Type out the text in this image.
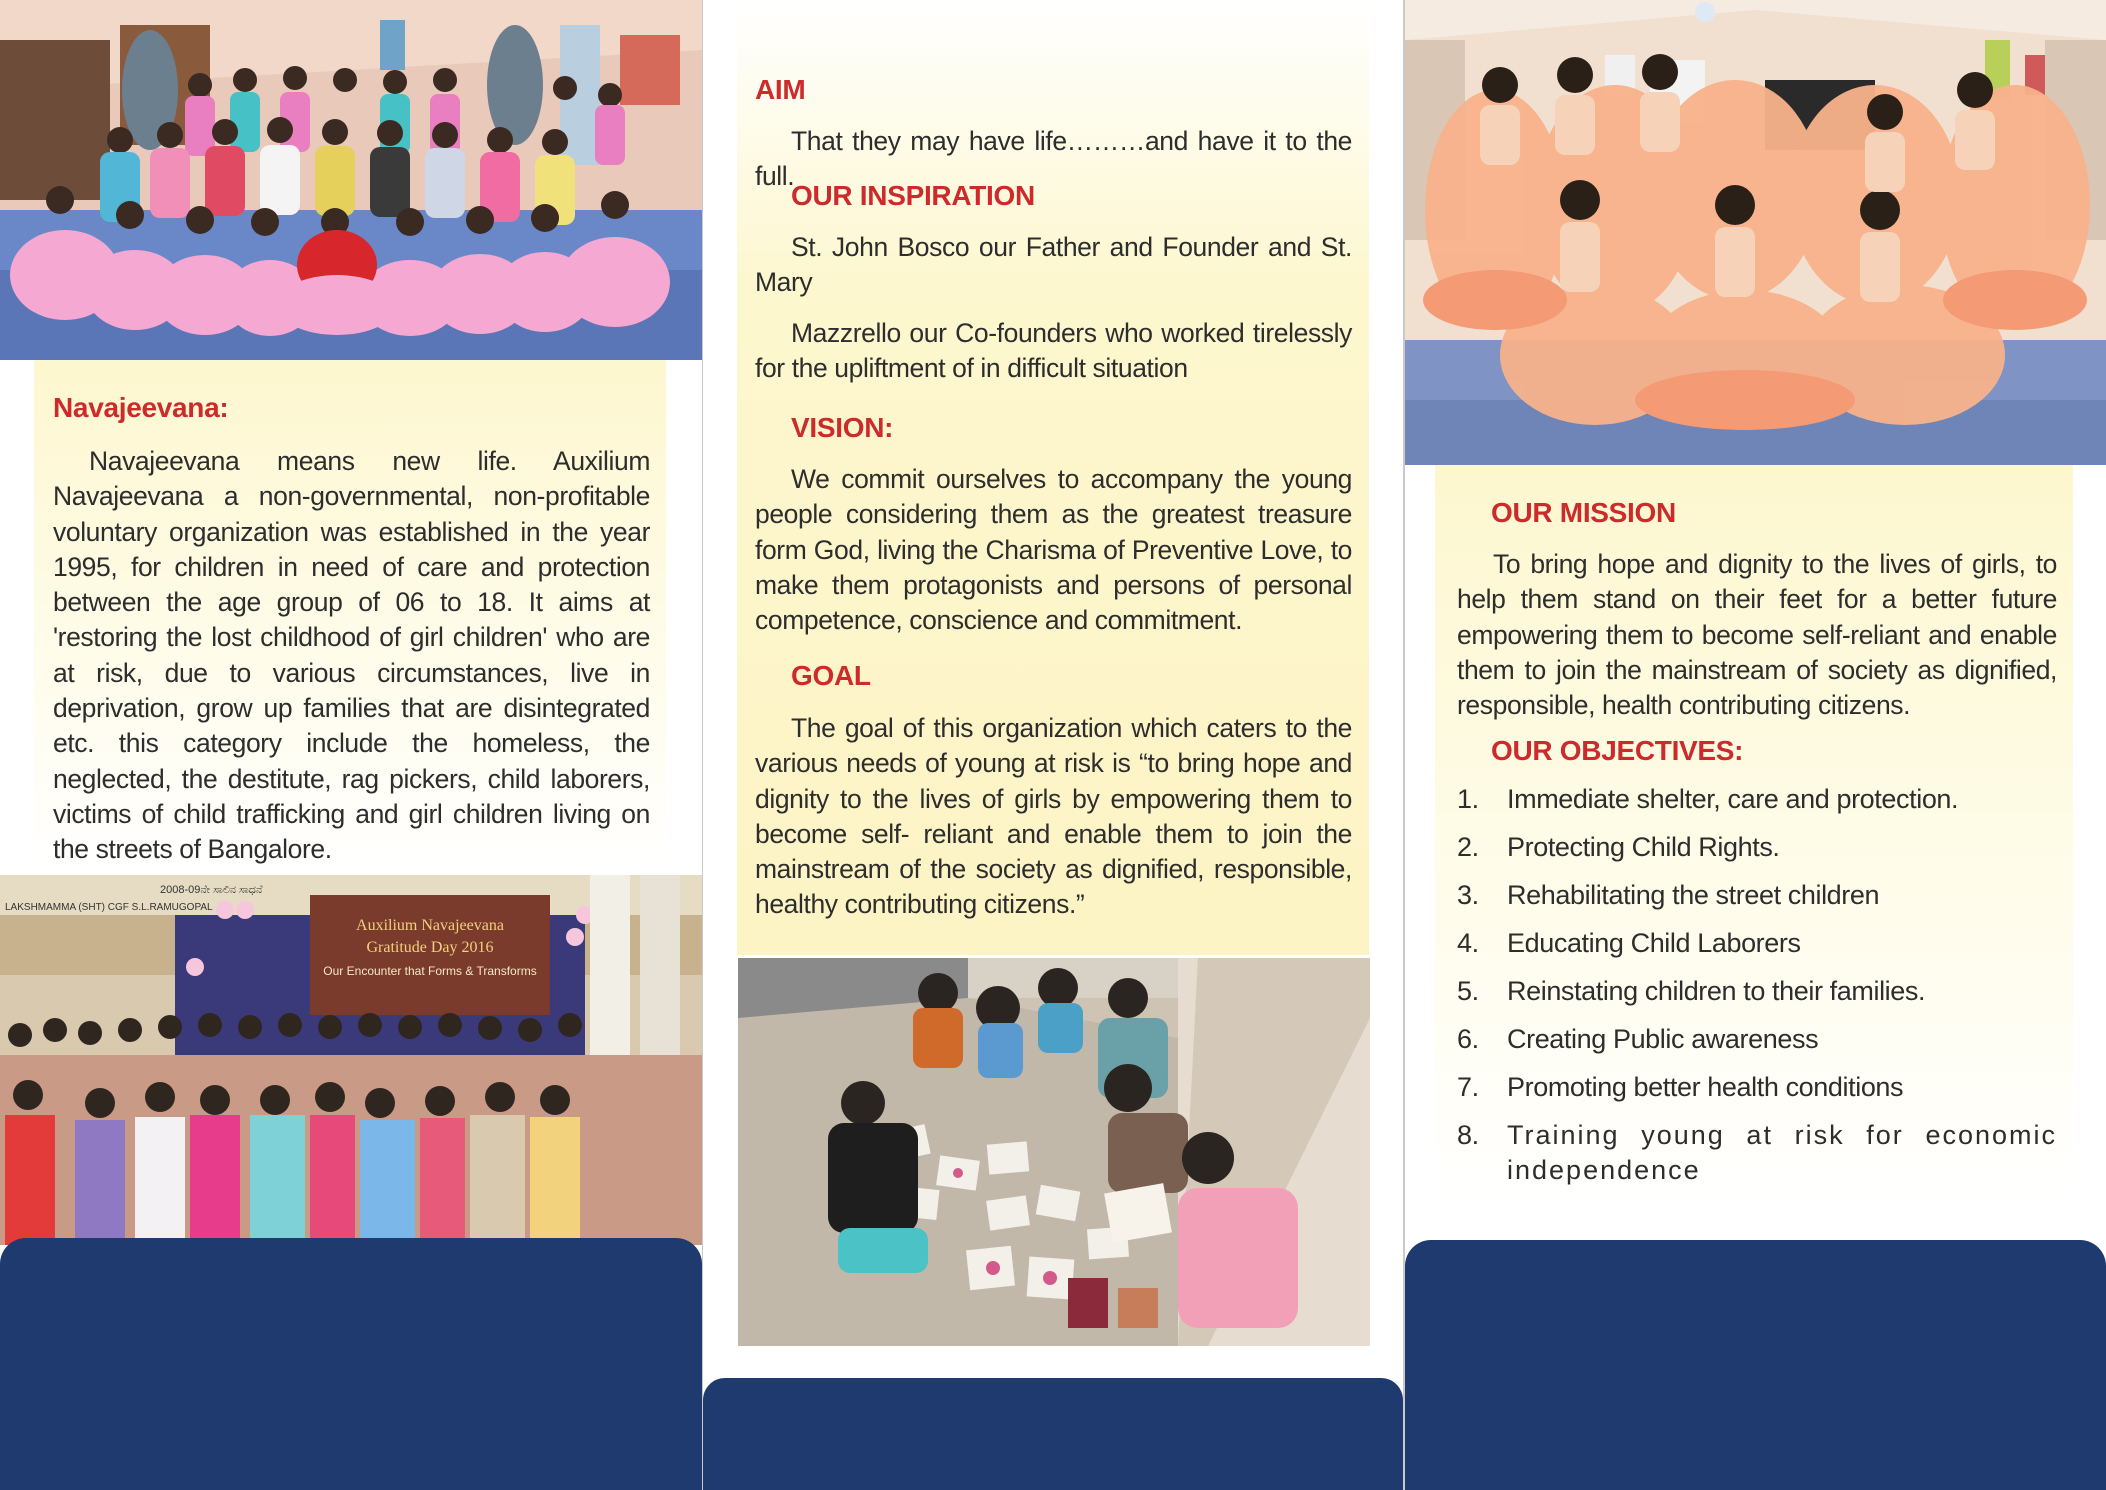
Navajeevana:

Navajeevana means new life. Auxilium Navajeevana a non-governmental, non-profitable voluntary organization was established in the year 1995, for children in need of care and protection between the age group of 06 to 18. It aims at 'restoring the lost childhood of girl children' who are at risk, due to various circumstances, live in deprivation, grow up families that are disintegrated etc. this category include the homeless, the neglected, the destitute, rag pickers, child laborers, victims of child trafficking and girl children living on the streets of Bangalore.

2008-09ನೇ ಸಾಲಿನ ಸಾಧನೆ
LAKSHMAMMA (SHT) CGF S.L.RAMUGOPAL
Auxilium Navajeevana
Gratitude Day 2016
Our Encounter that Forms & Transforms
AIM

That they may have life………and have it to the full.

OUR INSPIRATION

St. John Bosco our Father and Founder and St. Mary

Mazzrello our Co-founders who worked tirelessly for the upliftment of in difficult situation

VISION:

We commit ourselves to accompany the young people considering them as the greatest treasure form God, living the Charisma of Preventive Love, to make them protagonists and persons of personal competence, conscience and commitment.

GOAL

The goal of this organization which caters to the various needs of young at risk is “to bring hope and dignity to the lives of girls by empowering them to become self- reliant and enable them to join the mainstream of the society as dignified, responsible, healthy contributing citizens.”

OUR MISSION

To bring hope and dignity to the lives of girls, to help them stand on their feet for a better future empowering them to become self-reliant and enable them to join the mainstream of society as dignified, responsible, health contributing citizens.

OUR OBJECTIVES:
1. Immediate shelter, care and protection.
2. Protecting Child Rights.
3. Rehabilitating the street children
4. Educating Child Laborers
5. Reinstating children to their families.
6. Creating Public awareness
7. Promoting better health conditions
8. Training young at risk for economic independence
